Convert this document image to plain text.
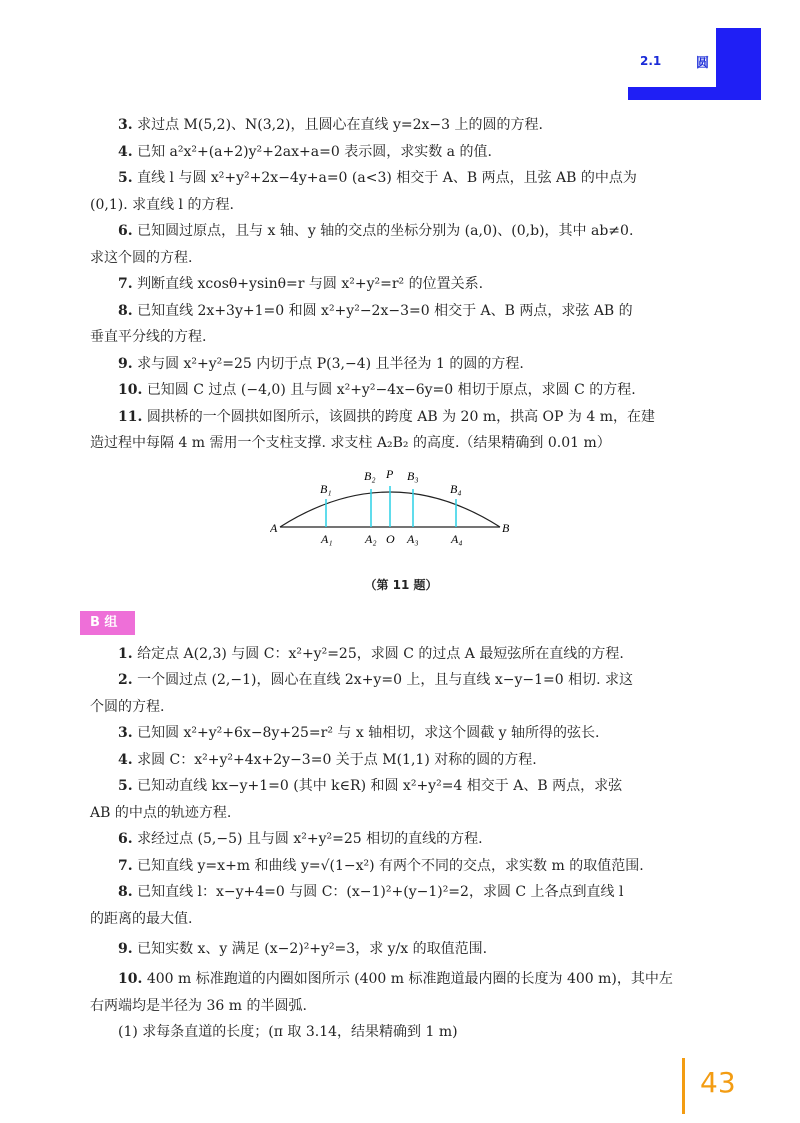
2.1	圆
3. 求过点 M(5,2)、N(3,2)，且圆心在直线 y=2x−3 上的圆的方程.
4. 已知 a²x²+(a+2)y²+2ax+a=0 表示圆，求实数 a 的值.
5. 直线 l 与圆 x²+y²+2x−4y+a=0 (a<3) 相交于 A、B 两点，且弦 AB 的中点为
(0,1). 求直线 l 的方程.
6. 已知圆过原点，且与 x 轴、y 轴的交点的坐标分别为 (a,0)、(0,b)，其中 ab≠0.
求这个圆的方程.
7. 判断直线 xcosθ+ysinθ=r 与圆 x²+y²=r² 的位置关系.
8. 已知直线 2x+3y+1=0 和圆 x²+y²−2x−3=0 相交于 A、B 两点，求弦 AB 的
垂直平分线的方程.
9. 求与圆 x²+y²=25 内切于点 P(3,−4) 且半径为 1 的圆的方程.
10. 已知圆 C 过点 (−4,0) 且与圆 x²+y²−4x−6y=0 相切于原点，求圆 C 的方程.
11. 圆拱桥的一个圆拱如图所示，该圆拱的跨度 AB 为 20 m，拱高 OP 为 4 m，在建
造过程中每隔 4 m 需用一个支柱支撑. 求支柱 A₂B₂ 的高度.（结果精确到 0.01 m）
A	B
A₁	A₂ O A₃	A₄
B₁
B₂ P B₃
B₄
（第 11 题）
B 组
1. 给定点 A(2,3) 与圆 C：x²+y²=25，求圆 C 的过点 A 最短弦所在直线的方程.
2. 一个圆过点 (2,−1)，圆心在直线 2x+y=0 上，且与直线 x−y−1=0 相切. 求这
个圆的方程.
3. 已知圆 x²+y²+6x−8y+25=r² 与 x 轴相切，求这个圆截 y 轴所得的弦长.
4. 求圆 C：x²+y²+4x+2y−3=0 关于点 M(1,1) 对称的圆的方程.
5. 已知动直线 kx−y+1=0 (其中 k∈R) 和圆 x²+y²=4 相交于 A、B 两点，求弦
AB 的中点的轨迹方程.
6. 求经过点 (5,−5) 且与圆 x²+y²=25 相切的直线的方程.
7. 已知直线 y=x+m 和曲线 y=√(1−x²) 有两个不同的交点，求实数 m 的取值范围.
8. 已知直线 l：x−y+4=0 与圆 C：(x−1)²+(y−1)²=2，求圆 C 上各点到直线 l
的距离的最大值.
9. 已知实数 x、y 满足 (x−2)²+y²=3，求 y/x 的取值范围.
10. 400 m 标准跑道的内圈如图所示 (400 m 标准跑道最内圈的长度为 400 m)，其中左
右两端均是半径为 36 m 的半圆弧.
(1) 求每条直道的长度；(π 取 3.14，结果精确到 1 m)
43
